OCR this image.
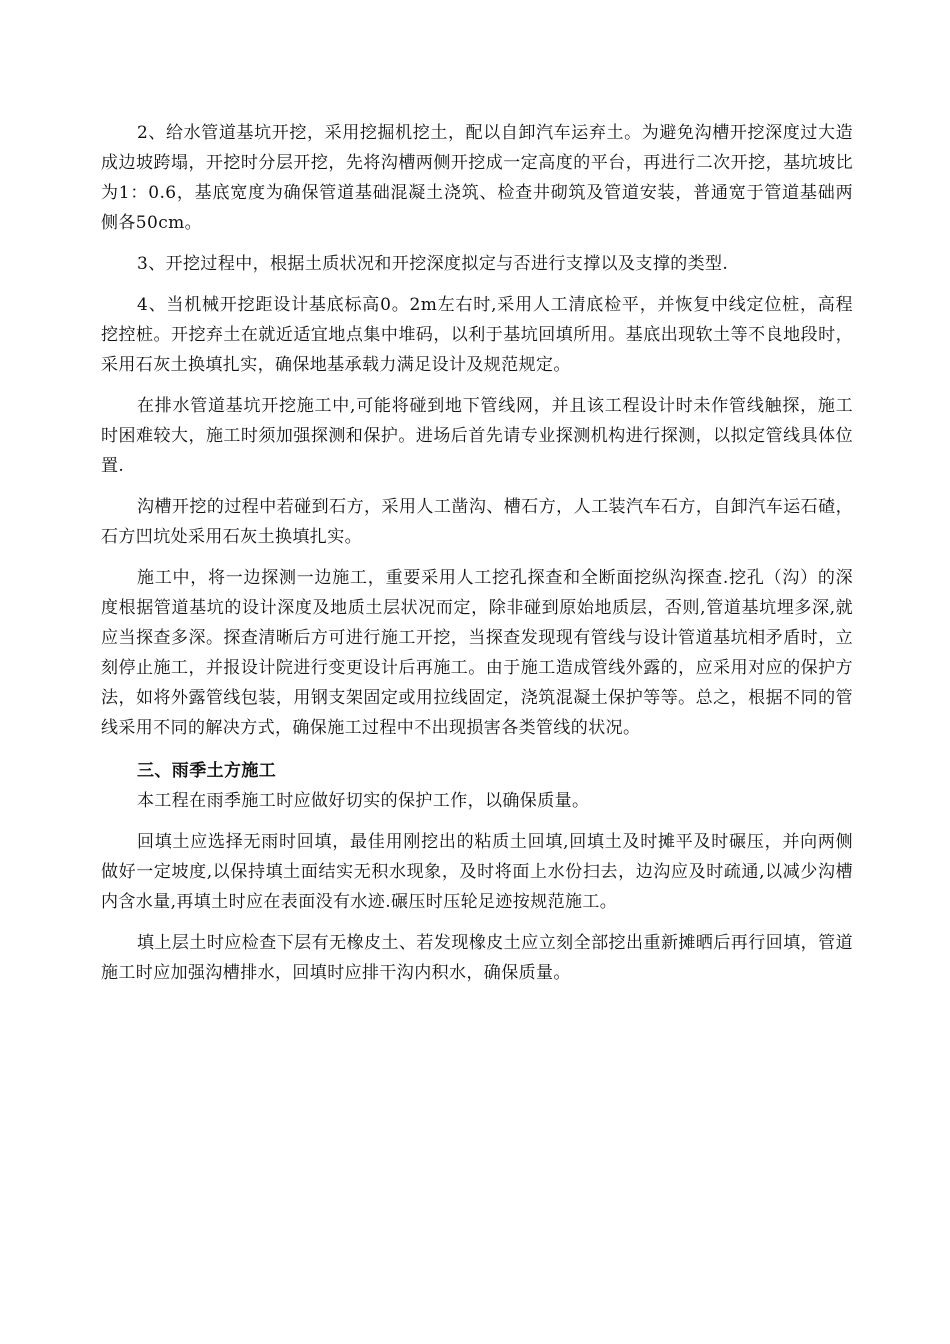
2、给水管道基坑开挖，采用挖掘机挖土，配以自卸汽车运弃土。为避免沟槽开挖深度过大造成边坡跨塌，开挖时分层开挖，先将沟槽两侧开挖成一定高度的平台，再进行二次开挖，基坑坡比为1：0.6，基底宽度为确保管道基础混凝土浇筑、检查井砌筑及管道安装，普通宽于管道基础两侧各50cm。

3、开挖过程中，根据土质状况和开挖深度拟定与否进行支撑以及支撑的类型.

4、当机械开挖距设计基底标高0。2m左右时,采用人工清底检平，并恢复中线定位桩，高程挖控桩。开挖弃土在就近适宜地点集中堆码，以利于基坑回填所用。基底出现软土等不良地段时，采用石灰土换填扎实，确保地基承载力满足设计及规范规定。

在排水管道基坑开挖施工中,可能将碰到地下管线网，并且该工程设计时未作管线触探，施工时困难较大，施工时须加强探测和保护。进场后首先请专业探测机构进行探测，以拟定管线具体位置.

沟槽开挖的过程中若碰到石方，采用人工凿沟、槽石方，人工装汽车石方，自卸汽车运石碴，石方凹坑处采用石灰土换填扎实。

施工中，将一边探测一边施工，重要采用人工挖孔探查和全断面挖纵沟探查.挖孔（沟）的深度根据管道基坑的设计深度及地质土层状况而定，除非碰到原始地质层，否则,管道基坑埋多深,就应当探查多深。探查清晰后方可进行施工开挖，当探查发现现有管线与设计管道基坑相矛盾时，立刻停止施工，并报设计院进行变更设计后再施工。由于施工造成管线外露的，应采用对应的保护方法，如将外露管线包装，用钢支架固定或用拉线固定，浇筑混凝土保护等等。总之，根据不同的管线采用不同的解决方式，确保施工过程中不出现损害各类管线的状况。

三、雨季土方施工

本工程在雨季施工时应做好切实的保护工作，以确保质量。

回填土应选择无雨时回填，最佳用刚挖出的粘质土回填,回填土及时摊平及时碾压，并向两侧做好一定坡度,以保持填土面结实无积水现象，及时将面上水份扫去，边沟应及时疏通,以减少沟槽内含水量,再填土时应在表面没有水迹.碾压时压轮足迹按规范施工。

填上层土时应检查下层有无橡皮土、若发现橡皮土应立刻全部挖出重新摊晒后再行回填，管道施工时应加强沟槽排水，回填时应排干沟内积水，确保质量。
